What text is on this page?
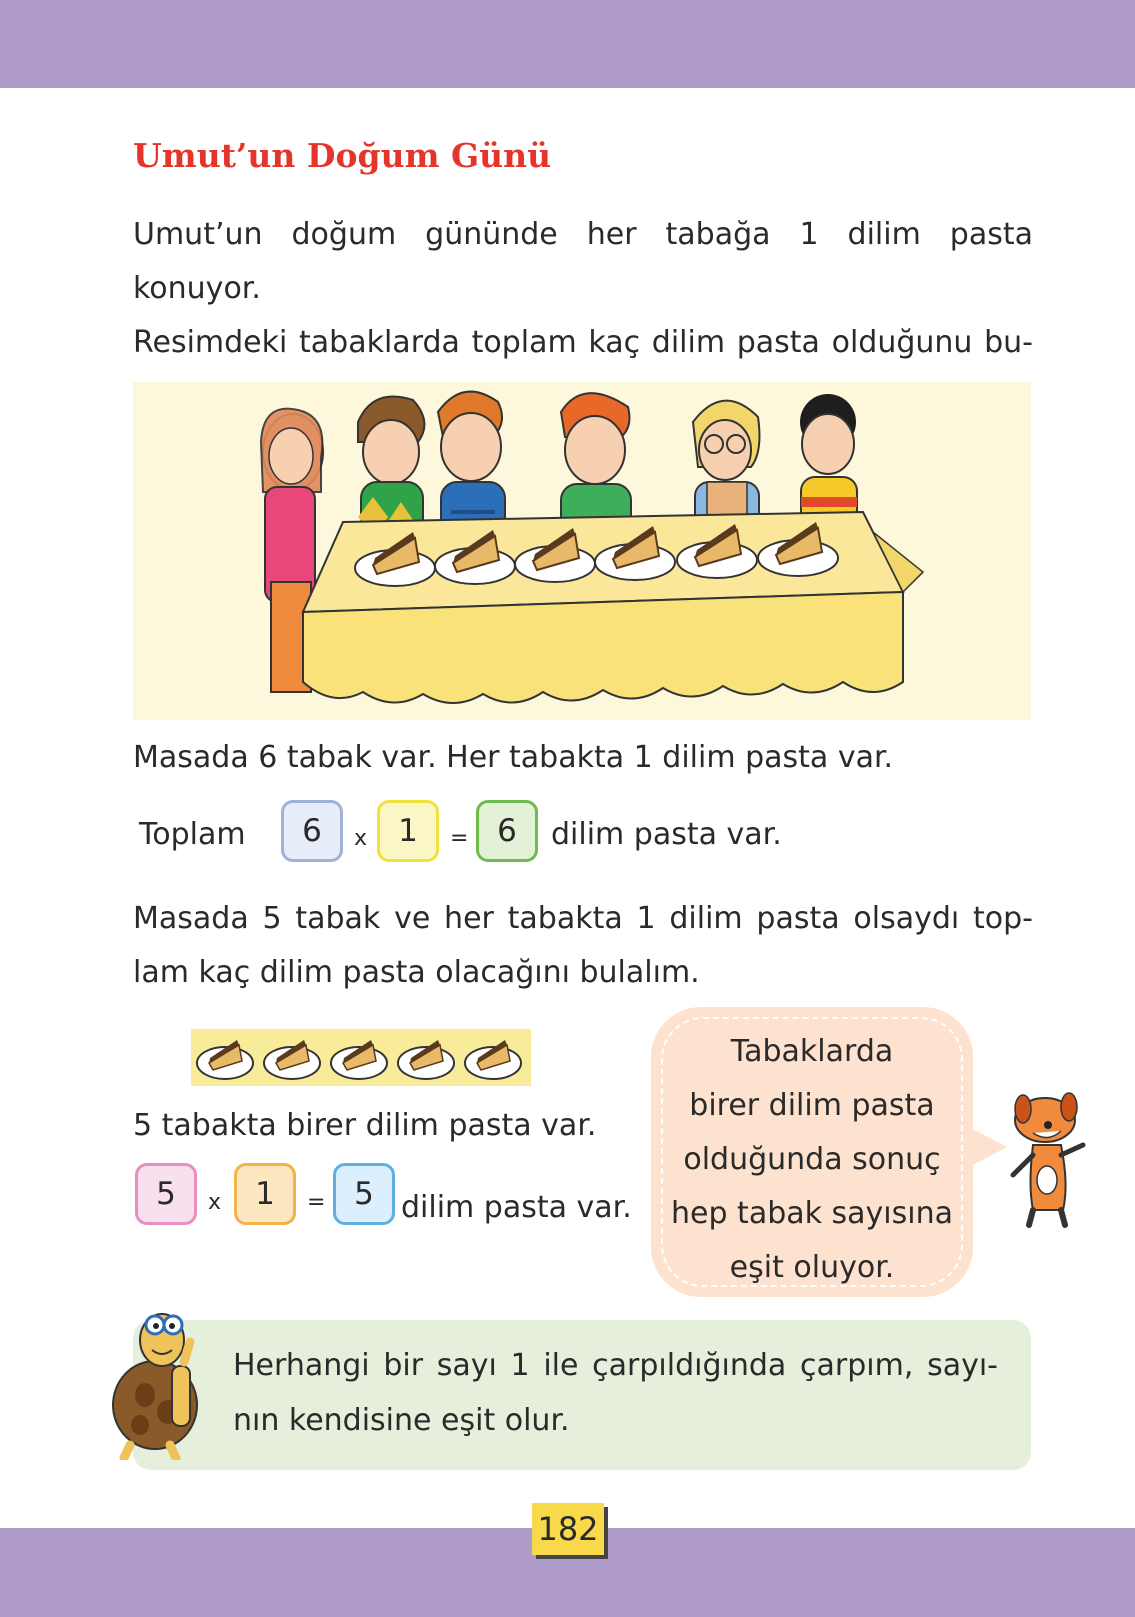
Umut’un Doğum Günü
Umut’un doğum gününde her tabağa 1 dilim pasta konuyor.
Resimdeki tabaklarda toplam kaç dilim pasta olduğunu bu-
Masada 6 tabak var. Her tabakta 1 dilim pasta var.
Toplam	6	x	1	= 6	dilim pasta var.
Masada 5 tabak ve her tabakta 1 dilim pasta olsaydı top-
lam kaç dilim pasta olacağını bulalım.
5 tabakta birer dilim pasta var.
5	x	1	= 5 dilim pasta var.
Tabaklarda
birer dilim pasta
olduğunda sonuç
hep tabak sayısına
eşit oluyor.
Herhangi bir sayı 1 ile çarpıldığında çarpım, sayı-
nın kendisine eşit olur.
182
